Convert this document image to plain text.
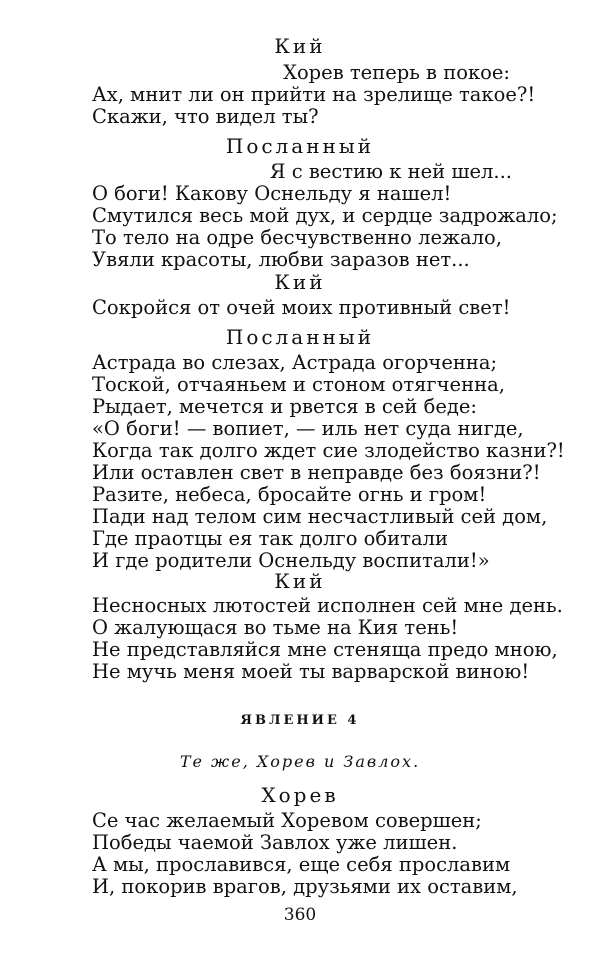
Кий
Хорев теперь в покое:
Ах, мнит ли он прийти на зрелище такое?!
Скажи, что видел ты?
Посланный
Я с вестию к ней шел...
О боги! Какову Оснельду я нашел!
Смутился весь мой дух, и сердце задрожало;
То тело на одре бесчувственно лежало,
Увяли красоты, любви заразов нет...
Кий
Сокройся от очей моих противный свет!
Посланный
Астрада во слезах, Астрада огорченна;
Тоской, отчаяньем и стоном отягченна,
Рыдает, мечется и рвется в сей беде:
«О боги! — вопиет, — иль нет суда нигде,
Когда так долго ждет сие злодейство казни?!
Или оставлен свет в неправде без боязни?!
Разите, небеса, бросайте огнь и гром!
Пади над телом сим несчастливый сей дом,
Где праотцы ея так долго обитали
И где родители Оснельду воспитали!»
Кий
Несносных лютостей исполнен сей мне день.
О жалующася во тьме на Кия тень!
Не представляйся мне стеняща предо мною,
Не мучь меня моей ты варварской виною!
ЯВЛЕНИЕ 4
Те же, Хорев и Завлох.
Хорев
Се час желаемый Хоревом совершен;
Победы чаемой Завлох уже лишен.
А мы, прославився, еще себя прославим
И, покорив врагов, друзьями их оставим,
360
